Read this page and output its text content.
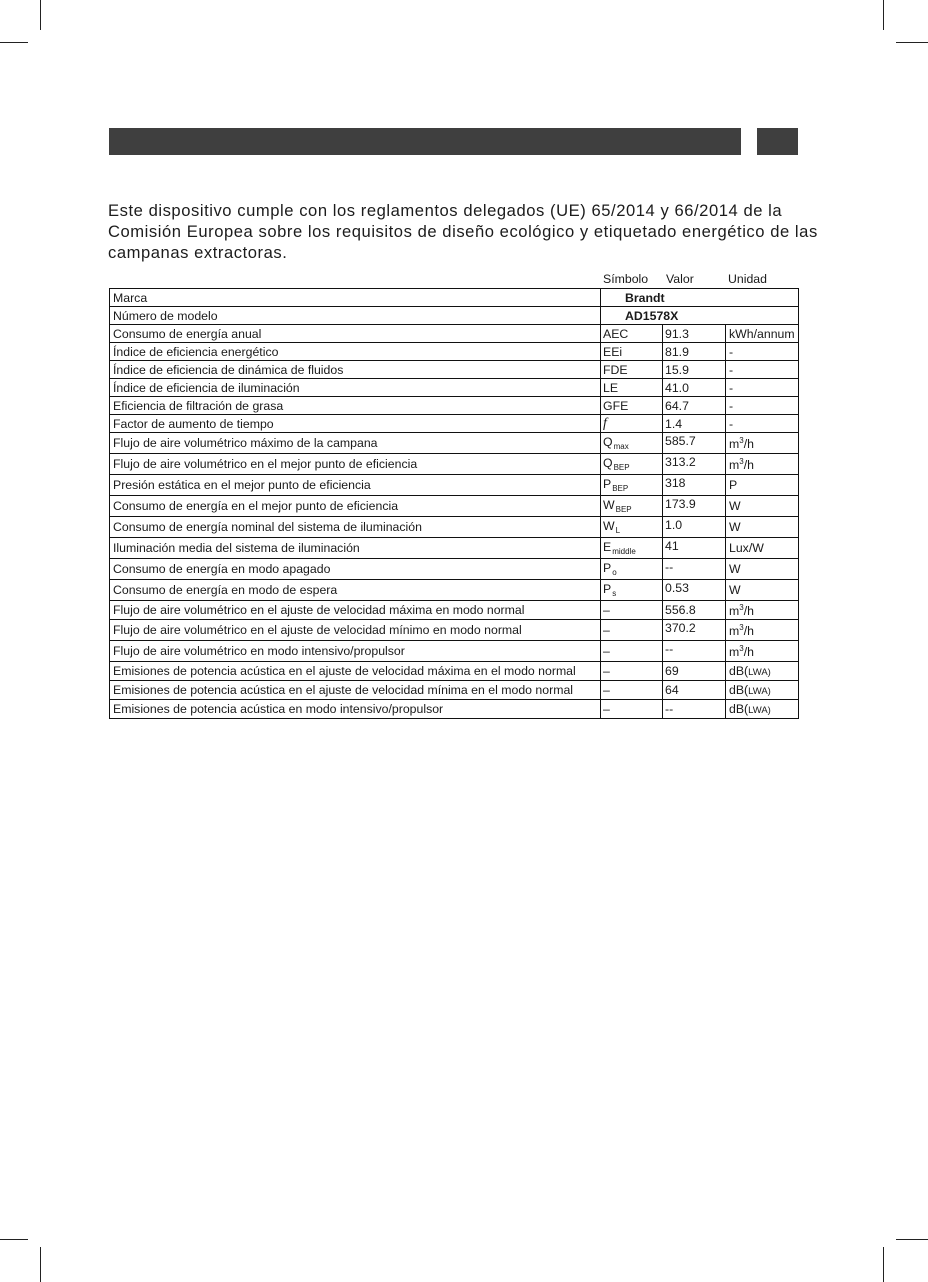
Este dispositivo cumple con los reglamentos delegados (UE) 65/2014 y 66/2014 de la Comisión Europea sobre los requisitos de diseño ecológico y etiquetado energético de las campanas extractoras.

Símbolo Valor	Unidad
Marca	Brandt		
Número de modelo	AD1578X		
Consumo de energía anual	AEC	91.3	kWh/annum
Índice de eficiencia energético	EEi	81.9	-
Índice de eficiencia de dinámica de fluidos	FDE	15.9	-
Índice de eficiencia de iluminación	LE	41.0	-
Eficiencia de filtración de grasa	GFE	64.7	-
Factor de aumento de tiempo	f	1.4	-
Flujo de aire volumétrico máximo de la campana	$Q_{max}$	585.7	$m^3/h$
Flujo de aire volumétrico en el mejor punto de eficiencia	$Q_{BEP}$	313.2	$m^3/h$
Presión estática en el mejor punto de eficiencia	$P_{BEP}$	318	P
Consumo de energía en el mejor punto de eficiencia	$W_{BEP}$	173.9	W
Consumo de energía nominal del sistema de iluminación	$W_L$	1.0	W
Iluminación media del sistema de iluminación	$E_{middle}$	41	Lux/W
Consumo de energía en modo apagado	$P_o$	--	W
Consumo de energía en modo de espera	$P_s$	0.53	W
Flujo de aire volumétrico en el ajuste de velocidad máxima en modo normal	–	556.8	$m^3/h$
Flujo de aire volumétrico en el ajuste de velocidad mínimo en modo normal	–	370.2	$m^3/h$
Flujo de aire volumétrico en modo intensivo/propulsor	–	--	$m^3/h$
Emisiones de potencia acústica en el ajuste de velocidad máxima en el modo normal	–	69	dB(LWA)
Emisiones de potencia acústica en el ajuste de velocidad mínima en el modo normal	–	64	dB(LWA)
Emisiones de potencia acústica en modo intensivo/propulsor	–	--	dB(LWA)
